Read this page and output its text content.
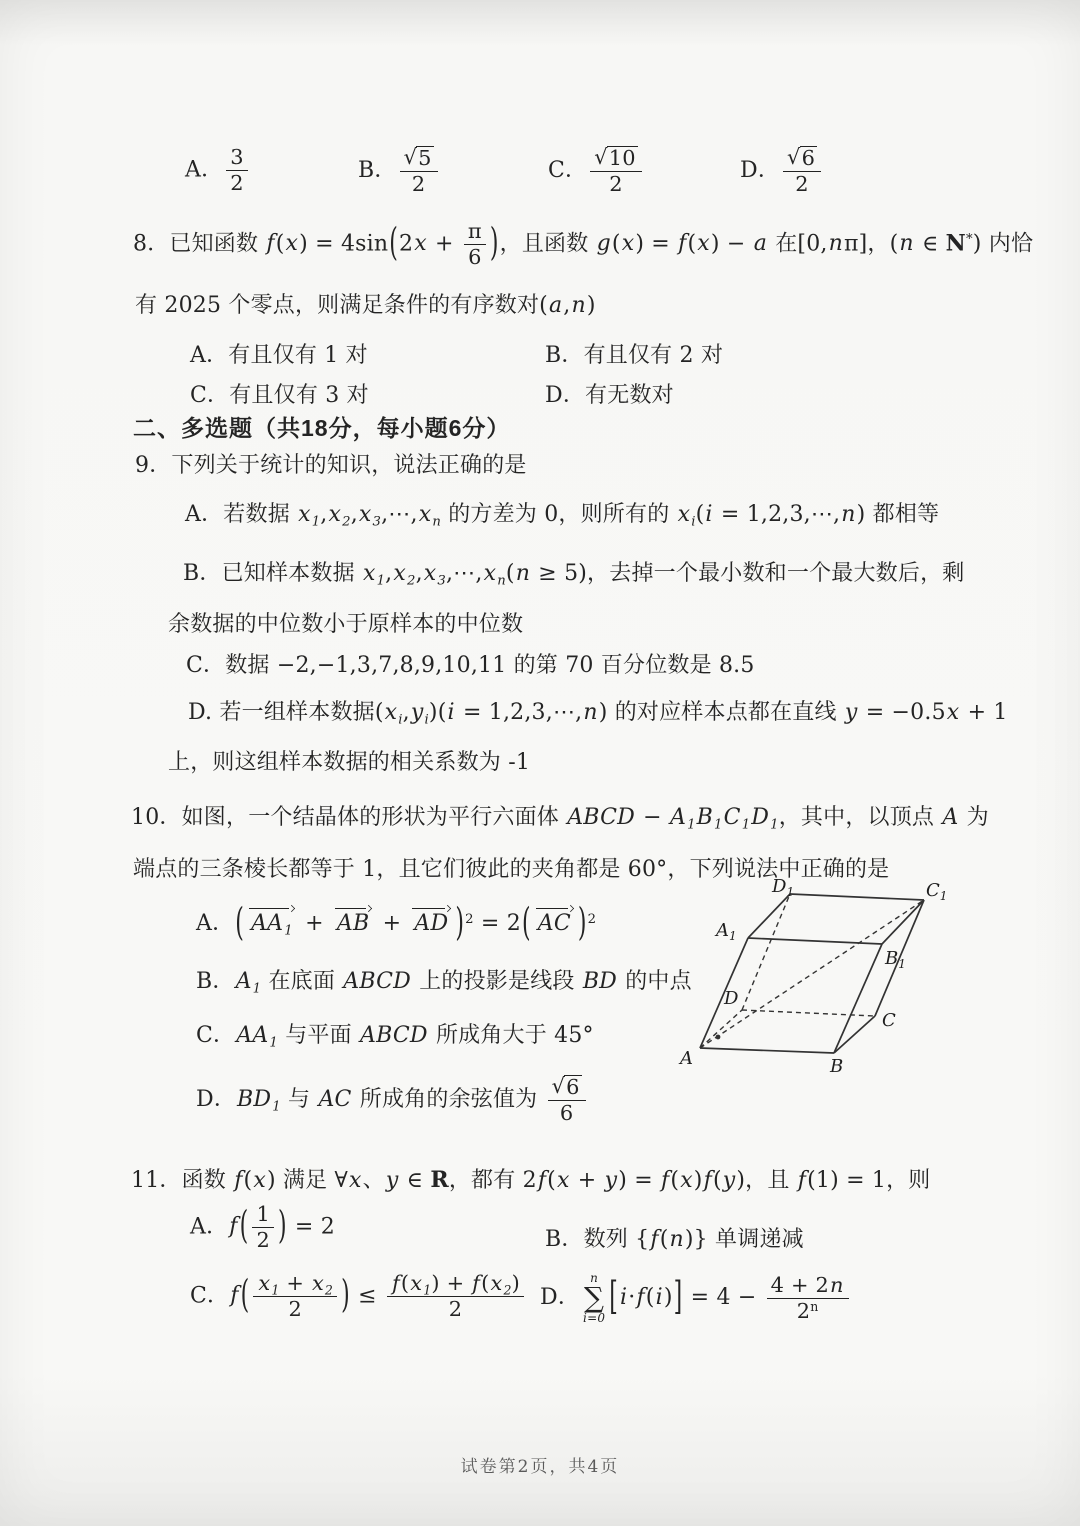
A． $\frac{3}{2}$	B． $\frac{√ 5}{2}$	C． $\frac{√ 10}{2}$	D． $\frac{√ 6}{2}$
8．已知函数 $f(x) = 4\sin(2x + \frac{\pi}{6}$ )，且函数 g(x) = f(x) − a 在[0,nπ]，(n ∈ N*) 内恰
有 2025 个零点，则满足条件的有序数对(a,n)
A．有且仅有 1 对	B．有且仅有 2 对
C．有且仅有 3 对	D．有无数对
二、多选题（共18分，每小题6分）
9．下列关于统计的知识，说法正确的是
A．若数据 $x_1,x_2,x_3,\cdots,x_n$ 的方差为 0，则所有的 $x_i(i$ = 1,2,3,⋯,n) 都相等
B．已知样本数据 $x_1,x_2,x_3,\cdots,x_n(n \ge 5)$，去掉一个最小数和一个最大数后，剩
余数据的中位数小于原样本的中位数
C．数据 −2,−1,3,7,8,9,10,11 的第 70 百分位数是 8.5
D. 若一组样本数据$(x_i,y_i)(i$ = 1,2,3,⋯,n) 的对应样本点都在直线 y = −0.5x + 1
上，则这组样本数据的相关系数为 -1
10．如图，一个结晶体的形状为平行六面体 ABCD − $A_1B_1C_1D_1$，其中，以顶点 A 为
端点的三条棱长都等于 1，且它们彼此的夹角都是 60°，下列说法中正确的是
A．( $AA_1$ + AB + AD )$^2$ = 2( AC )$^2$
B．$A_1$ 在底面 ABCD 上的投影是线段 BD 的中点
C．$AA_1$ 与平面 ABCD 所成角大于 45°
D．$BD_1$ 与 AC 所成角的余弦值为 $\frac{√ 6}{6}$
A	B
C
D
$A_1$
$B_1$
$C_1$
$D_1$
11．函数 f(x) 满足 ∀x、y ∈ R，都有 2f(x + y) = f(x)f(y)，且 f(1) = 1，则
A．$f( \frac{1}{2}$ ) = 2
B．数列 {f(n)} 单调递减
C．$f( \frac{x_1 + x_2}{2}$ ) ≤ $\frac{f(x_1) + f(x_2)}{2}$ D．
n
∑
i=0 $[i\cdot f(i)] = 4 - \frac{4 + 2n}{2^n}$
试卷第2页，共4页
